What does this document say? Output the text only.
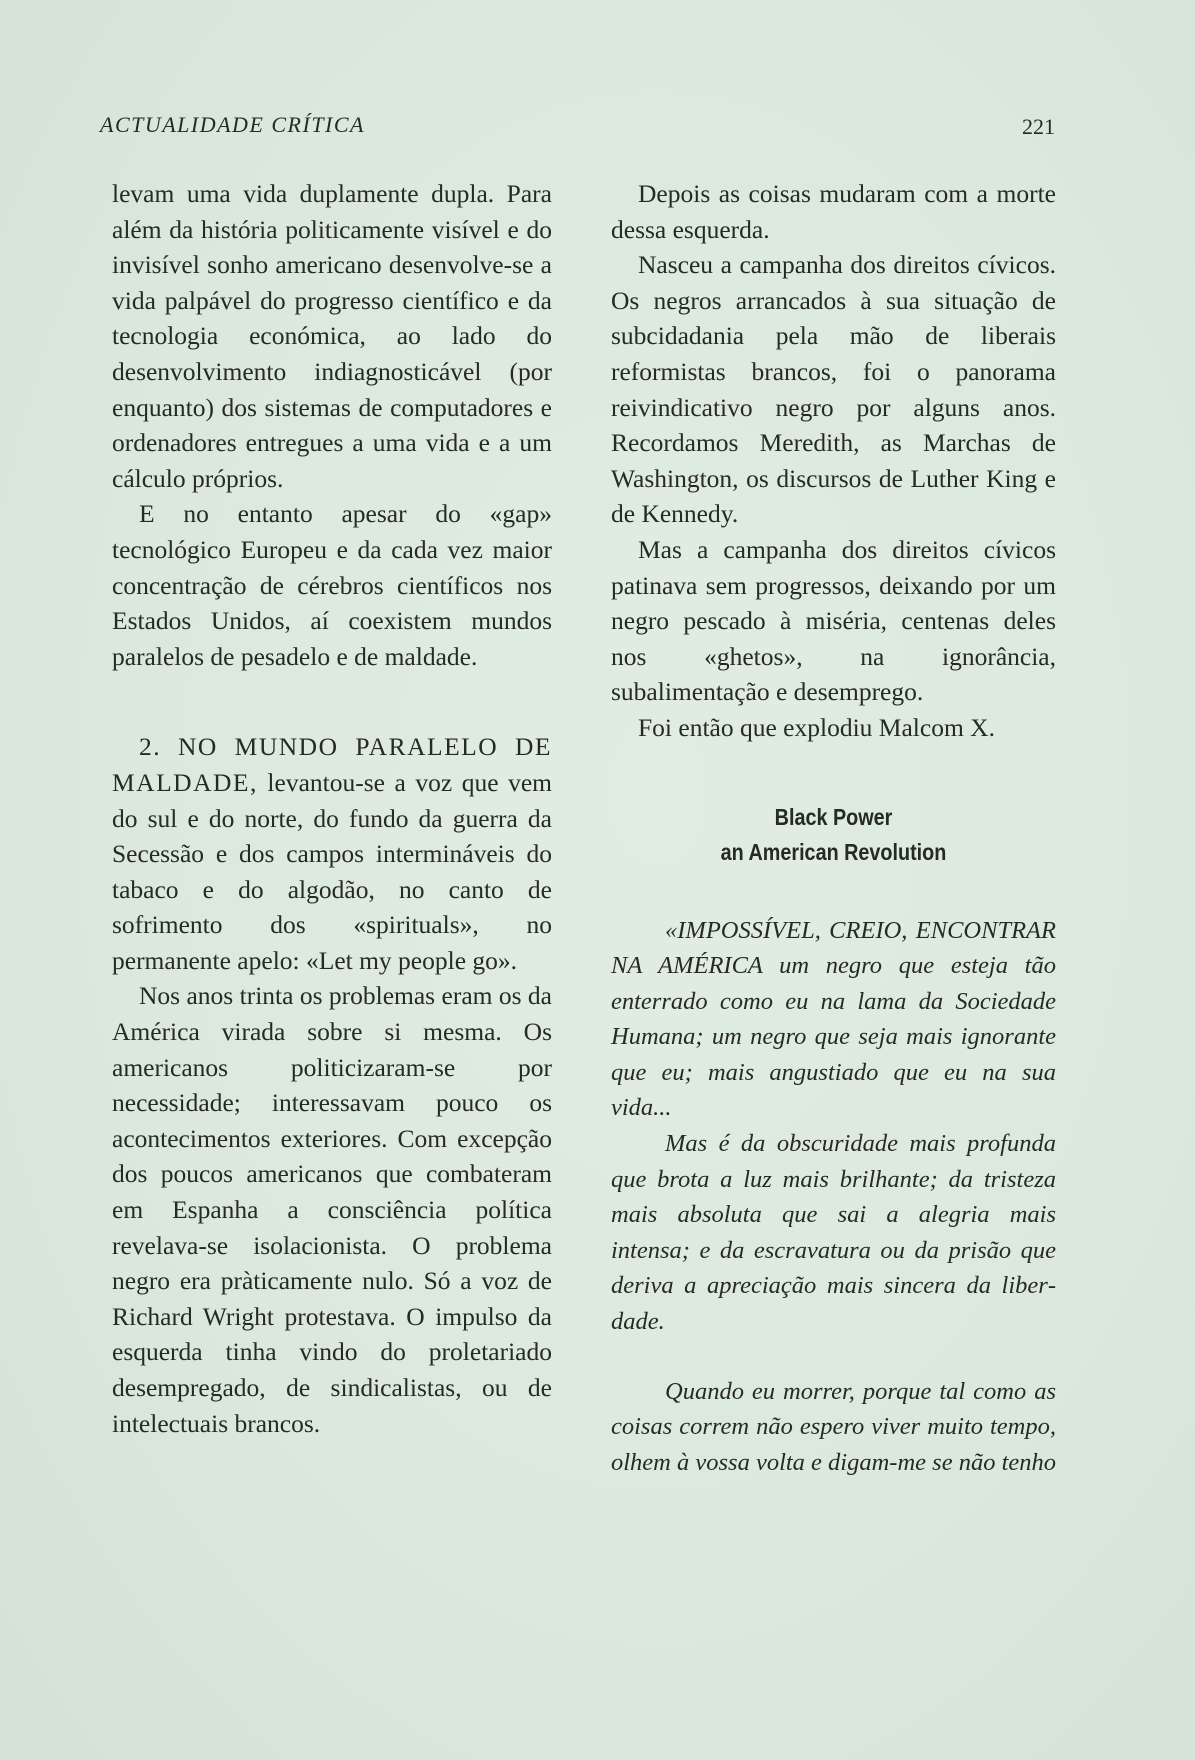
ACTUALIDADE CRÍTICA	221

levam uma vida duplamente dupla. Para além da história politicamente visível e do invisível sonho americano desenvolve-se a vida palpável do progresso científico e da tecnologia económica, ao lado do desenvolvimento indiagnosticável (por enquanto) dos sistemas de computadores e ordenadores entregues a uma vida e a um cálculo próprios.

E no entanto apesar do «gap» tecnológico Europeu e da cada vez maior concentração de cérebros científicos nos Estados Unidos, aí coexistem mundos paralelos de pesadelo e de maldade.

2. NO MUNDO PARALELO DE MALDADE, levantou-se a voz que vem do sul e do norte, do fundo da guerra da Secessão e dos campos intermináveis do tabaco e do algodão, no canto de sofrimento dos «spirituals», no permanente apelo: «Let my people go».

Nos anos trinta os problemas eram os da América virada sobre si mesma. Os americanos politicizaram-se por necessidade; interessavam pouco os acontecimentos exteriores. Com excepção dos poucos americanos que combateram em Espanha a consciência política revelava-se isolacionista. O problema negro era pràticamente nulo. Só a voz de Richard Wright protestava. O impulso da esquerda tinha vindo do proletariado desempregado, de sindicalistas, ou de intelectuais brancos.

Depois as coisas mudaram com a morte dessa esquerda.

Nasceu a campanha dos direitos cívicos. Os negros arrancados à sua situação de subcidadania pela mão de liberais reformistas brancos, foi o panorama reivindicativo negro por alguns anos. Recordamos Meredith, as Marchas de Washington, os discursos de Luther King e de Kennedy.

Mas a campanha dos direitos cívicos patinava sem progressos, deixando por um negro pescado à miséria, centenas deles nos «ghetos», na ignorância, subalimentação e desemprego.

Foi então que explodiu Malcom X.

Black Power
an American Revolution

«IMPOSSÍVEL, CREIO, ENCONTRAR NA AMÉRICA um negro que esteja tão enterrado como eu na lama da Sociedade Humana; um negro que seja mais ignorante que eu; mais angustiado que eu na sua vida...

Mas é da obscuridade mais profunda que brota a luz mais brilhante; da tristeza mais absoluta que sai a alegria mais intensa; e da escravatura ou da prisão que deriva a apreciação mais sincera da liberdade.

Quando eu morrer, porque tal como as coisas correm não espero viver muito tempo, olhem à vossa volta e digam-me se não tenho
